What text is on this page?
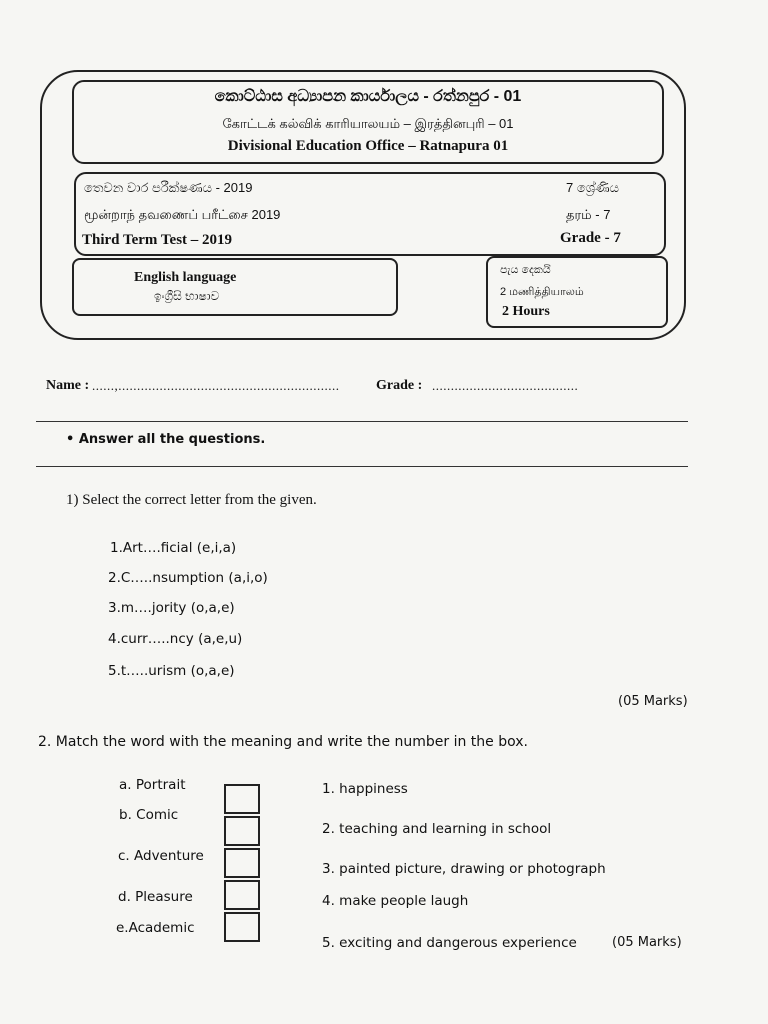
කොට්ඨාස අධ්‍යාපන කාර්යාලය - රත්නපුර - 01
கோட்டக் கல்விக் காரியாலயம் – இரத்தினபுரி – 01
Divisional Education Office – Ratnapura 01
තෙවන වාර පරීක්ෂණය - 2019
மூன்றாந் தவணைப் பரீட்சை 2019
Third Term Test – 2019
7 ශ්‍රේණිය
தரம் - 7
Grade - 7
English language
ඉංග්‍රීසි භාෂාව
පැය දෙකයි
2 மணித்தியாலம்
2 Hours
Name : ......,...........................................................	Grade : .......................................
• Answer all the questions.
1) Select the correct letter from the given.
1.Art….ficial (e,i,a)
2.C…..nsumption (a,i,o)
3.m….jority (o,a,e)
4.curr…..ncy (a,e,u)
5.t…..urism (o,a,e)
(05 Marks)
2. Match the word with the meaning and write the number in the box.
a. Portrait
b. Comic
c. Adventure
d. Pleasure
e.Academic
1. happiness
2. teaching and learning in school
3. painted picture, drawing or photograph
4. make people laugh
5. exciting and dangerous experience	(05 Marks)
